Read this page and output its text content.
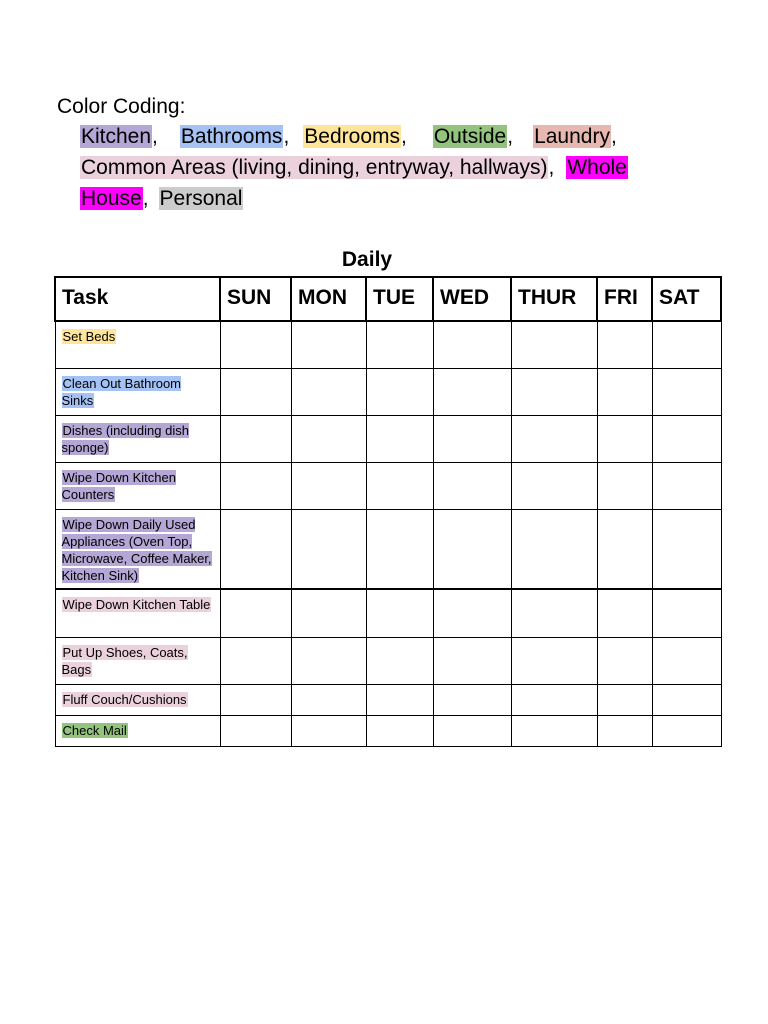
Color Coding:
Kitchen, Bathrooms, Bedrooms, Outside, Laundry,
Common Areas (living, dining, entryway, hallways), Whole
House, Personal
Daily
Task	SUN	MON	TUE	WED	THUR	FRI	SAT
Set Beds							
Clean Out Bathroom Sinks							
Dishes (including dish sponge)							
Wipe Down Kitchen Counters							
Wipe Down Daily Used Appliances (Oven Top, Microwave, Coffee Maker, Kitchen Sink)							
Wipe Down Kitchen Table							
Put Up Shoes, Coats, Bags							
Fluff Couch/Cushions							
Check Mail							
